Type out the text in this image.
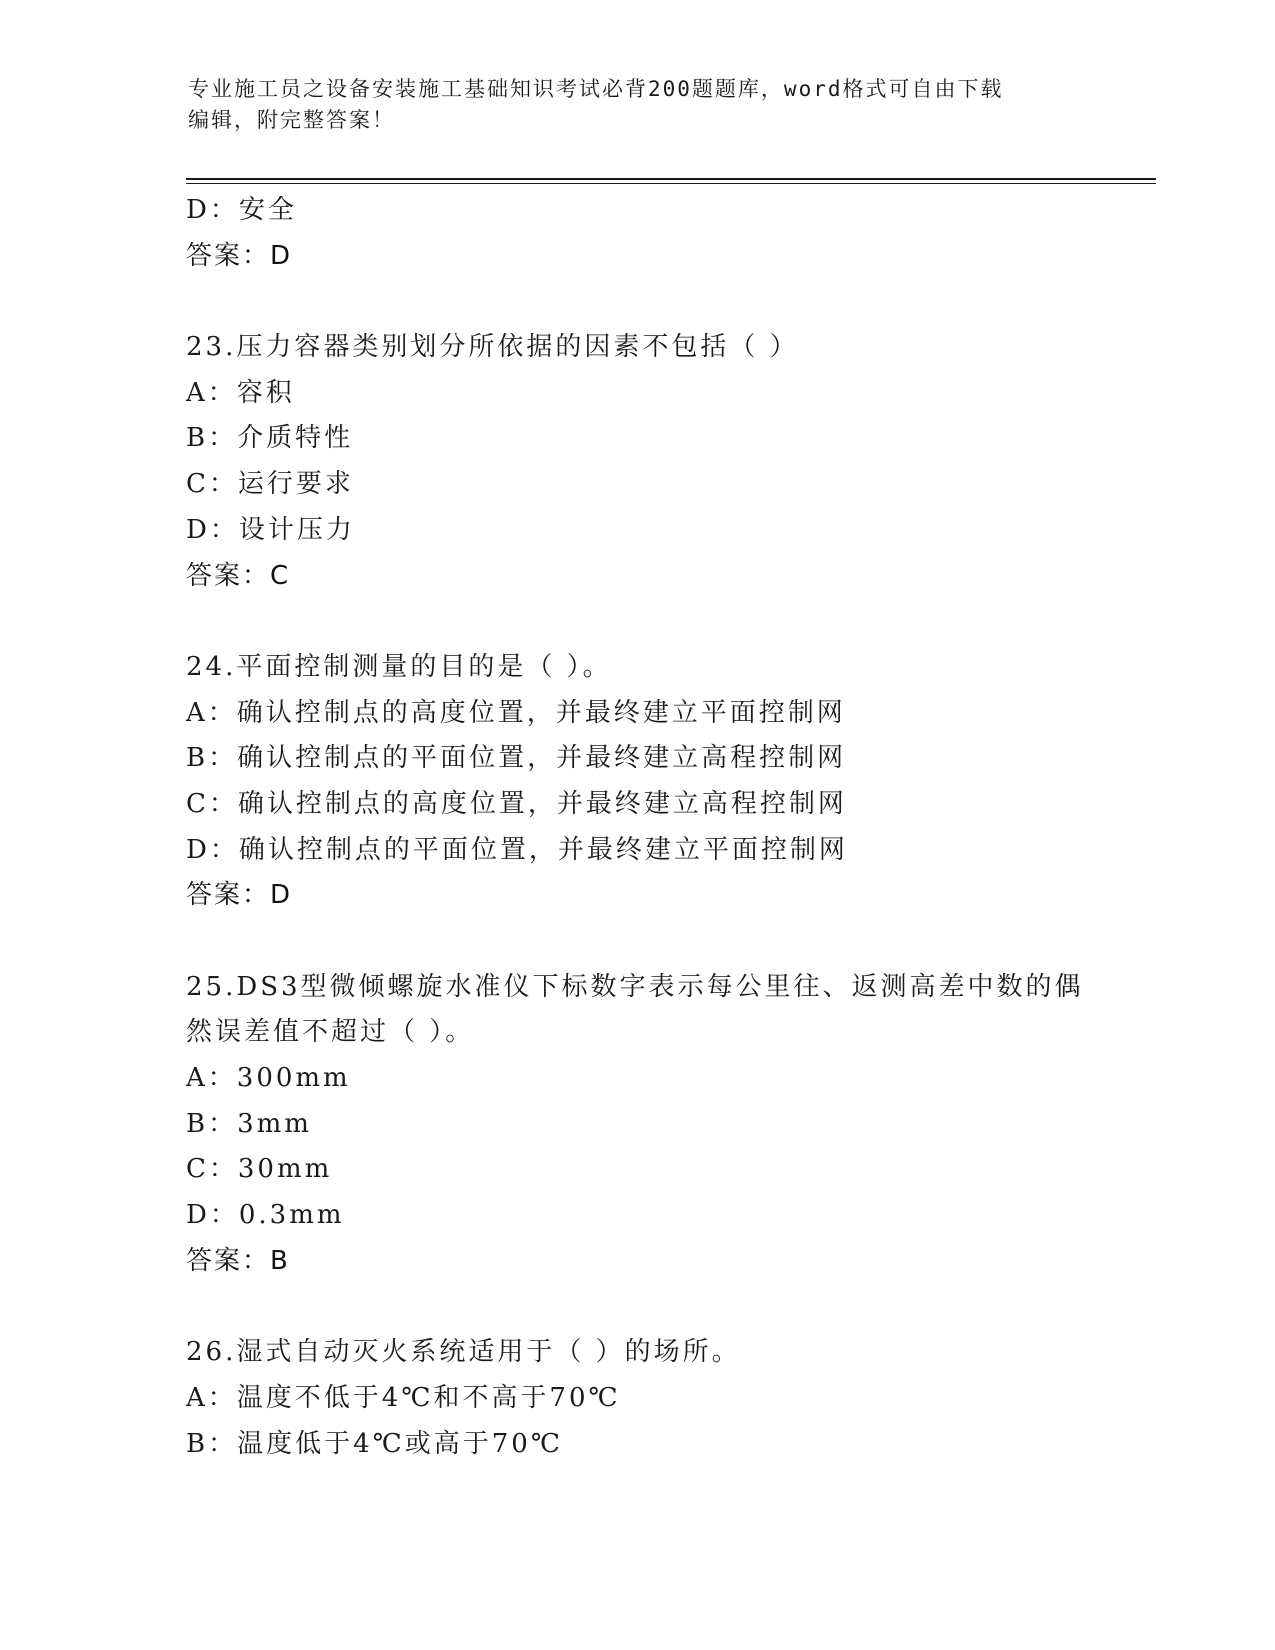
专业施工员之设备安装施工基础知识考试必背200题题库，word格式可自由下载
编辑，附完整答案！
D：安全
答案：D
23.压力容器类别划分所依据的因素不包括（ ）
A：容积
B：介质特性
C：运行要求
D：设计压力
答案：C
24.平面控制测量的目的是（ ）。
A：确认控制点的高度位置，并最终建立平面控制网
B：确认控制点的平面位置，并最终建立高程控制网
C：确认控制点的高度位置，并最终建立高程控制网
D：确认控制点的平面位置，并最终建立平面控制网
答案：D
25.DS3型微倾螺旋水准仪下标数字表示每公里往、返测高差中数的偶
然误差值不超过（ ）。
A：300mm
B：3mm
C：30mm
D：0.3mm
答案：B
26.湿式自动灭火系统适用于（ ）的场所。
A：温度不低于4℃和不高于70℃
B：温度低于4℃或高于70℃
